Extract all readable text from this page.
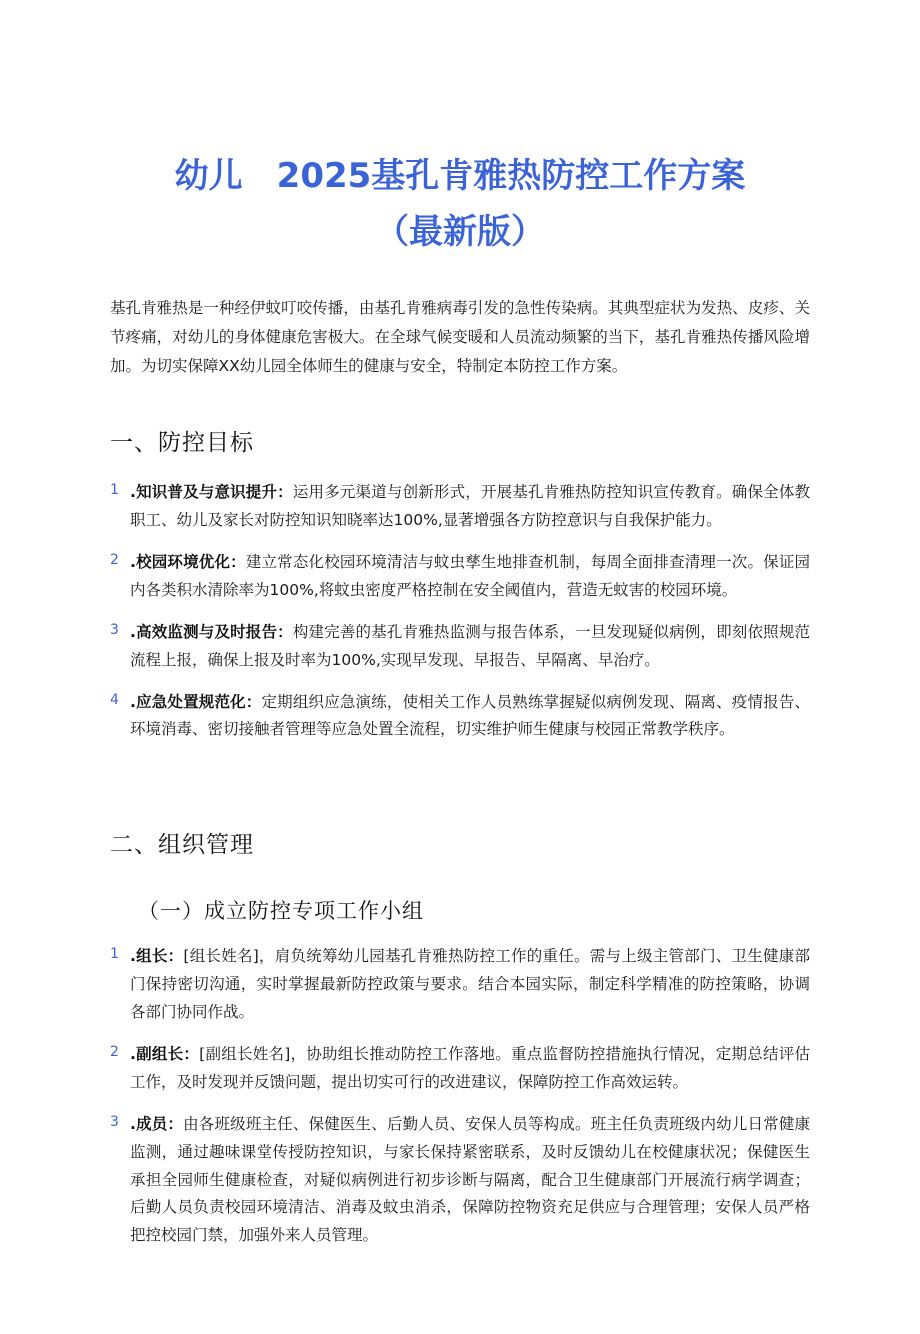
幼儿　2025基孔肯雅热防控工作方案
（最新版）

基孔肯雅热是一种经伊蚊叮咬传播，由基孔肯雅病毒引发的急性传染病。其典型症状为发热、皮疹、关节疼痛，对幼儿的身体健康危害极大。在全球气候变暖和人员流动频繁的当下，基孔肯雅热传播风险增加。为切实保障XX幼儿园全体师生的健康与安全，特制定本防控工作方案。

一、防控目标
1 .知识普及与意识提升：运用多元渠道与创新形式，开展基孔肯雅热防控知识宣传教育。确保全体教职工、幼儿及家长对防控知识知晓率达100%,显著增强各方防控意识与自我保护能力。
2 .校园环境优化：建立常态化校园环境清洁与蚊虫孳生地排查机制，每周全面排查清理一次。保证园内各类积水清除率为100%,将蚊虫密度严格控制在安全阈值内，营造无蚊害的校园环境。
3 .高效监测与及时报告：构建完善的基孔肯雅热监测与报告体系，一旦发现疑似病例，即刻依照规范流程上报，确保上报及时率为100%,实现早发现、早报告、早隔离、早治疗。
4 .应急处置规范化：定期组织应急演练，使相关工作人员熟练掌握疑似病例发现、隔离、疫情报告、环境消毒、密切接触者管理等应急处置全流程，切实维护师生健康与校园正常教学秩序。
二、组织管理
（一）成立防控专项工作小组
1 .组长：[组长姓名]，肩负统筹幼儿园基孔肯雅热防控工作的重任。需与上级主管部门、卫生健康部门保持密切沟通，实时掌握最新防控政策与要求。结合本园实际，制定科学精准的防控策略，协调各部门协同作战。
2 .副组长：[副组长姓名]，协助组长推动防控工作落地。重点监督防控措施执行情况，定期总结评估工作，及时发现并反馈问题，提出切实可行的改进建议，保障防控工作高效运转。
3 .成员：由各班级班主任、保健医生、后勤人员、安保人员等构成。班主任负责班级内幼儿日常健康监测，通过趣味课堂传授防控知识，与家长保持紧密联系，及时反馈幼儿在校健康状况；保健医生承担全园师生健康检查，对疑似病例进行初步诊断与隔离，配合卫生健康部门开展流行病学调查；后勤人员负责校园环境清洁、消毒及蚊虫消杀，保障防控物资充足供应与合理管理；安保人员严格把控校园门禁，加强外来人员管理。
